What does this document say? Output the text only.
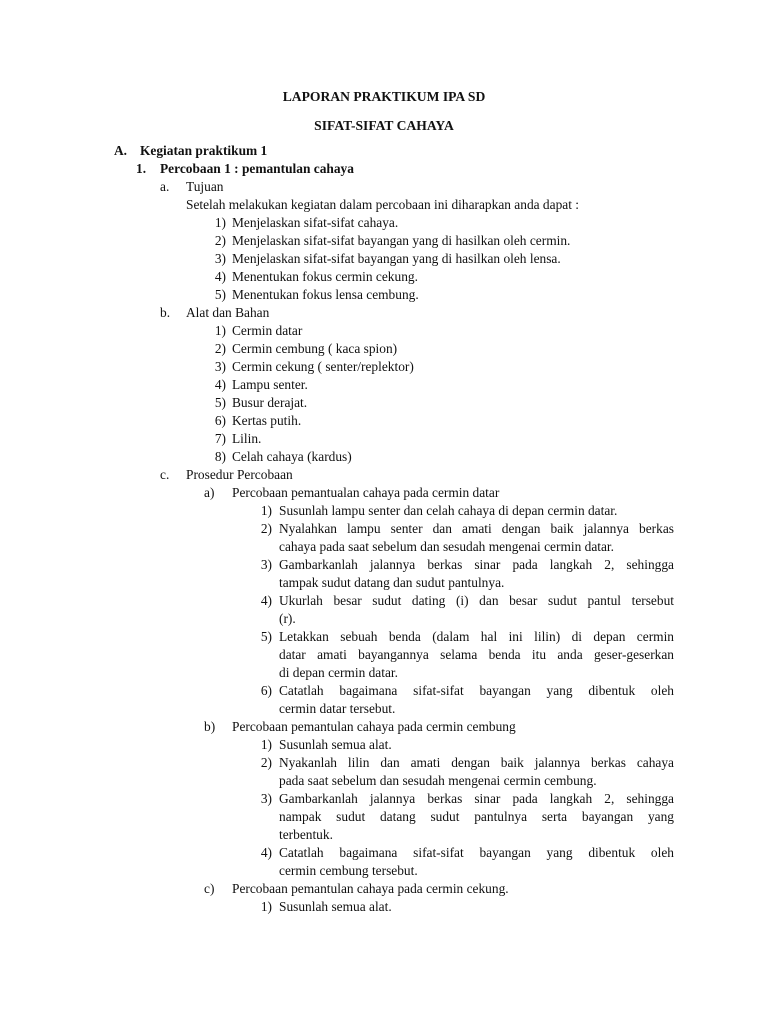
LAPORAN PRAKTIKUM IPA SD
SIFAT-SIFAT CAHAYA
A. Kegiatan praktikum 1
1.	Percobaan 1 : pemantulan cahaya
a.	Tujuan
Setelah melakukan kegiatan dalam percobaan ini diharapkan anda dapat :
1) Menjelaskan sifat-sifat cahaya.
2) Menjelaskan sifat-sifat bayangan yang di hasilkan oleh cermin.
3) Menjelaskan sifat-sifat bayangan yang di hasilkan oleh lensa.
4) Menentukan fokus cermin cekung.
5) Menentukan fokus lensa cembung.
b.	Alat dan Bahan
1) Cermin datar
2) Cermin cembung ( kaca spion)
3) Cermin cekung ( senter/replektor)
4) Lampu senter.
5) Busur derajat.
6) Kertas putih.
7) Lilin.
8) Celah cahaya (kardus)
c.	Prosedur Percobaan
a)	Percobaan pemantualan cahaya pada cermin datar
1) Susunlah lampu senter dan celah cahaya di depan cermin datar.
2) Nyalahkan lampu senter dan amati dengan baik jalannya berkas
cahaya pada saat sebelum dan sesudah mengenai cermin datar.
3) Gambarkanlah jalannya berkas sinar pada langkah 2, sehingga
tampak sudut datang dan sudut pantulnya.
4) Ukurlah besar sudut dating (i) dan besar sudut pantul tersebut
(r).
5) Letakkan sebuah benda (dalam hal ini lilin) di depan cermin
datar amati bayangannya selama benda itu anda geser-geserkan
di depan cermin datar.
6) Catatlah bagaimana sifat-sifat bayangan yang dibentuk oleh
cermin datar tersebut.
b)	Percobaan pemantulan cahaya pada cermin cembung
1) Susunlah semua alat.
2) Nyakanlah lilin dan amati dengan baik jalannya berkas cahaya
pada saat sebelum dan sesudah mengenai cermin cembung.
3) Gambarkanlah jalannya berkas sinar pada langkah 2, sehingga
nampak sudut datang sudut pantulnya serta bayangan yang
terbentuk.
4) Catatlah bagaimana sifat-sifat bayangan yang dibentuk oleh
cermin cembung tersebut.
c)	Percobaan pemantulan cahaya pada cermin cekung.
1) Susunlah semua alat.
